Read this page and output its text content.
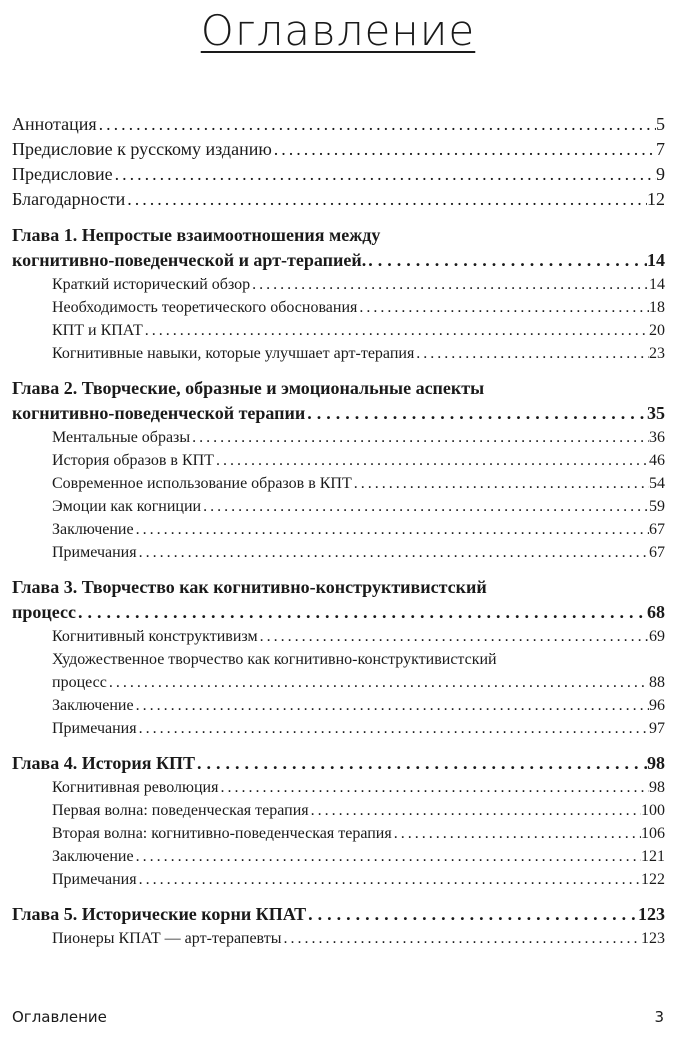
Оглавление
Аннотация .....	5
Предисловие к русскому изданию .....	7
Предисловие .....	9
Благодарности .....	12
Глава 1. Непростые взаимоотношения между
когнитивно-поведенческой и арт-терапией. .....	14
Краткий исторический обзор .....	14
Необходимость теоретического обоснования .....	18
КПТ и КПАТ .....	20
Когнитивные навыки, которые улучшает арт-терапия .....	23
Глава 2. Творческие, образные и эмоциональные аспекты
когнитивно-поведенческой терапии .....	35
Ментальные образы .....	36
История образов в КПТ .....	46
Современное использование образов в КПТ .....	54
Эмоции как когниции .....	59
Заключение .....	67
Примечания .....	67
Глава 3. Творчество как когнитивно-конструктивистский
процесс .....	68
Когнитивный конструктивизм .....	69
Художественное творчество как когнитивно-конструктивистский
процесс .....	88
Заключение .....	96
Примечания .....	97
Глава 4. История КПТ .....	98
Когнитивная революция .....	98
Первая волна: поведенческая терапия .....	100
Вторая волна: когнитивно-поведенческая терапия .....	106
Заключение .....	121
Примечания .....	122
Глава 5. Исторические корни КПАТ .....	123
Пионеры КПАТ — арт-терапевты .....	123
Оглавление	3
